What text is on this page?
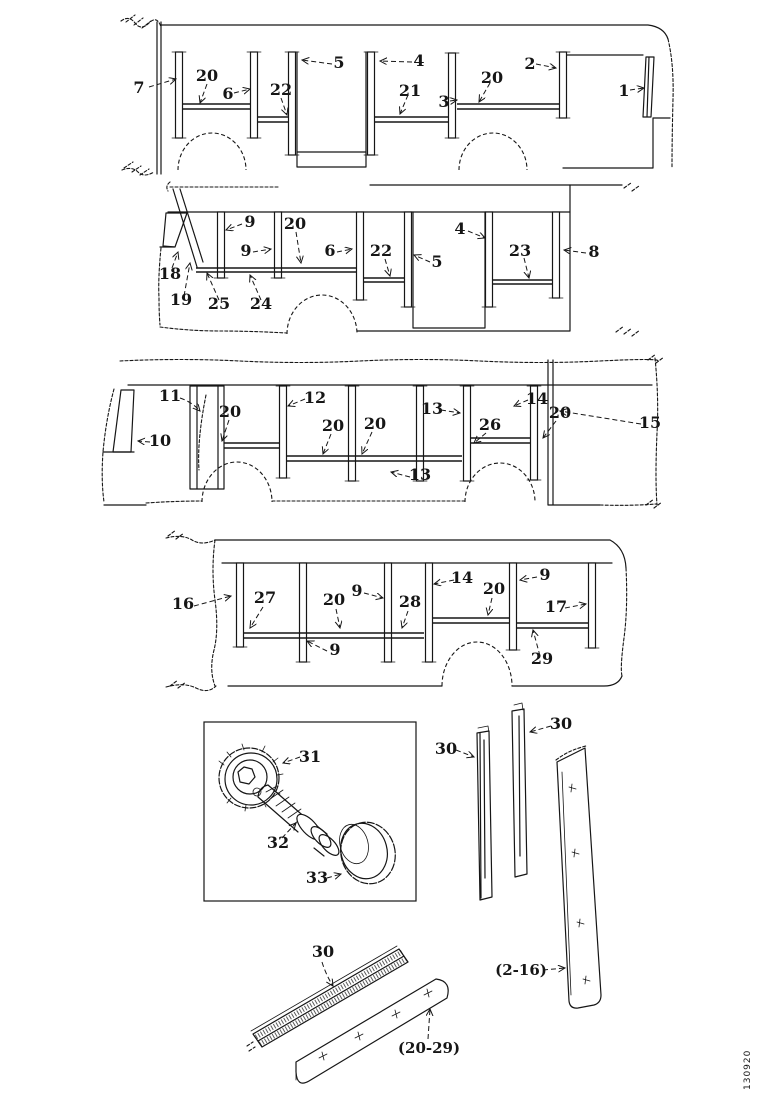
7
20
6 22
5	4
21
3
20
2
1
9 20	4
23	8
9	6 22
5
18
19 25 24
11
10
20
12
20 20
13
26
14
20
15
13
16	27	20 9
28
14
20
9
17
9	29
31
32
33
30
30
(2-16)
30
(20-29)
130920
